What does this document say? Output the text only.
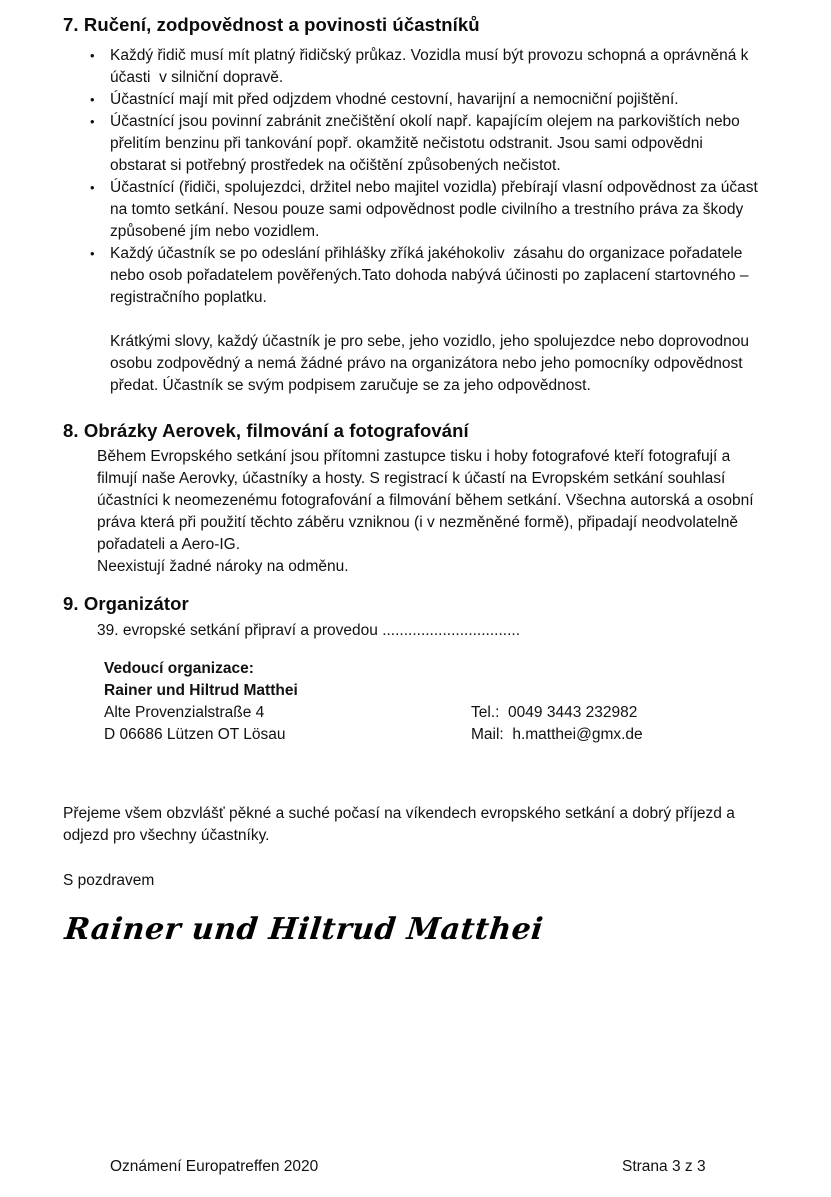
7. Ručení, zodpovědnost a povinosti účastníků
• Každý řidič musí mít platný řidičský průkaz. Vozidla musí být provozu schopná a oprávněná k účasti  v silniční dopravě.
• Účastnící mají mit před odjzdem vhodné cestovní, havarijní a nemocniční pojištění.
• Účastnící jsou povinní zabránit znečištění okolí např. kapajícím olejem na parkovištích nebo přelitím benzinu při tankování popř. okamžitě nečistotu odstranit. Jsou sami odpovědni obstarat si potřebný prostředek na očištění způsobených nečistot.
• Účastnící (řidiči, spolujezdci, držitel nebo majitel vozidla) přebírají vlasní odpovědnost za účast na tomto setkání. Nesou pouze sami odpovědnost podle civilního a trestního práva za škody způsobené jím nebo vozidlem.
• Každý účastník se po odeslání přihlášky zříká jakéhokoliv  zásahu do organizace pořadatele nebo osob pořadatelem pověřených.Tato dohoda nabývá účinosti po zaplacení startovného – registračního poplatku.

Krátkými slovy, každý účastník je pro sebe, jeho vozidlo, jeho spolujezdce nebo doprovodnou osobu zodpovědný a nemá žádné právo na organizátora nebo jeho pomocníky odpovědnost předat. Účastník se svým podpisem zaručuje se za jeho odpovědnost.

8. Obrázky Aerovek, filmování a fotografování

Během Evropského setkání jsou přítomni zastupce tisku i hoby fotografové kteří fotografují a filmují naše Aerovky, účastníky a hosty. S registrací k účastí na Evropském setkání souhlasí účastníci k neomezenému fotografování a filmování během setkání. Všechna autorská a osobní práva která při použití těchto záběru vzniknou (i v nezměněné formě), připadají neodvolatelně pořadateli a Aero-IG.

Neexistují žadné nároky na odměnu.

9. Organizátor

39. evropské setkání připraví a provedou ................................

Vedoucí organizace:
Rainer und Hiltrud Matthei
Alte Provenzialstraße 4	Tel.:  0049 3443 232982
D 06686 Lützen OT Lösau	Mail:  h.matthei@gmx.de

Přejeme všem obzvlášť pěkné a suché počasí na víkendech evropského setkání a dobrý příjezd a odjezd pro všechny účastníky.

S pozdravem

Rainer und Hiltrud Matthei
Oznámení Europatreffen 2020	Strana 3 z 3
